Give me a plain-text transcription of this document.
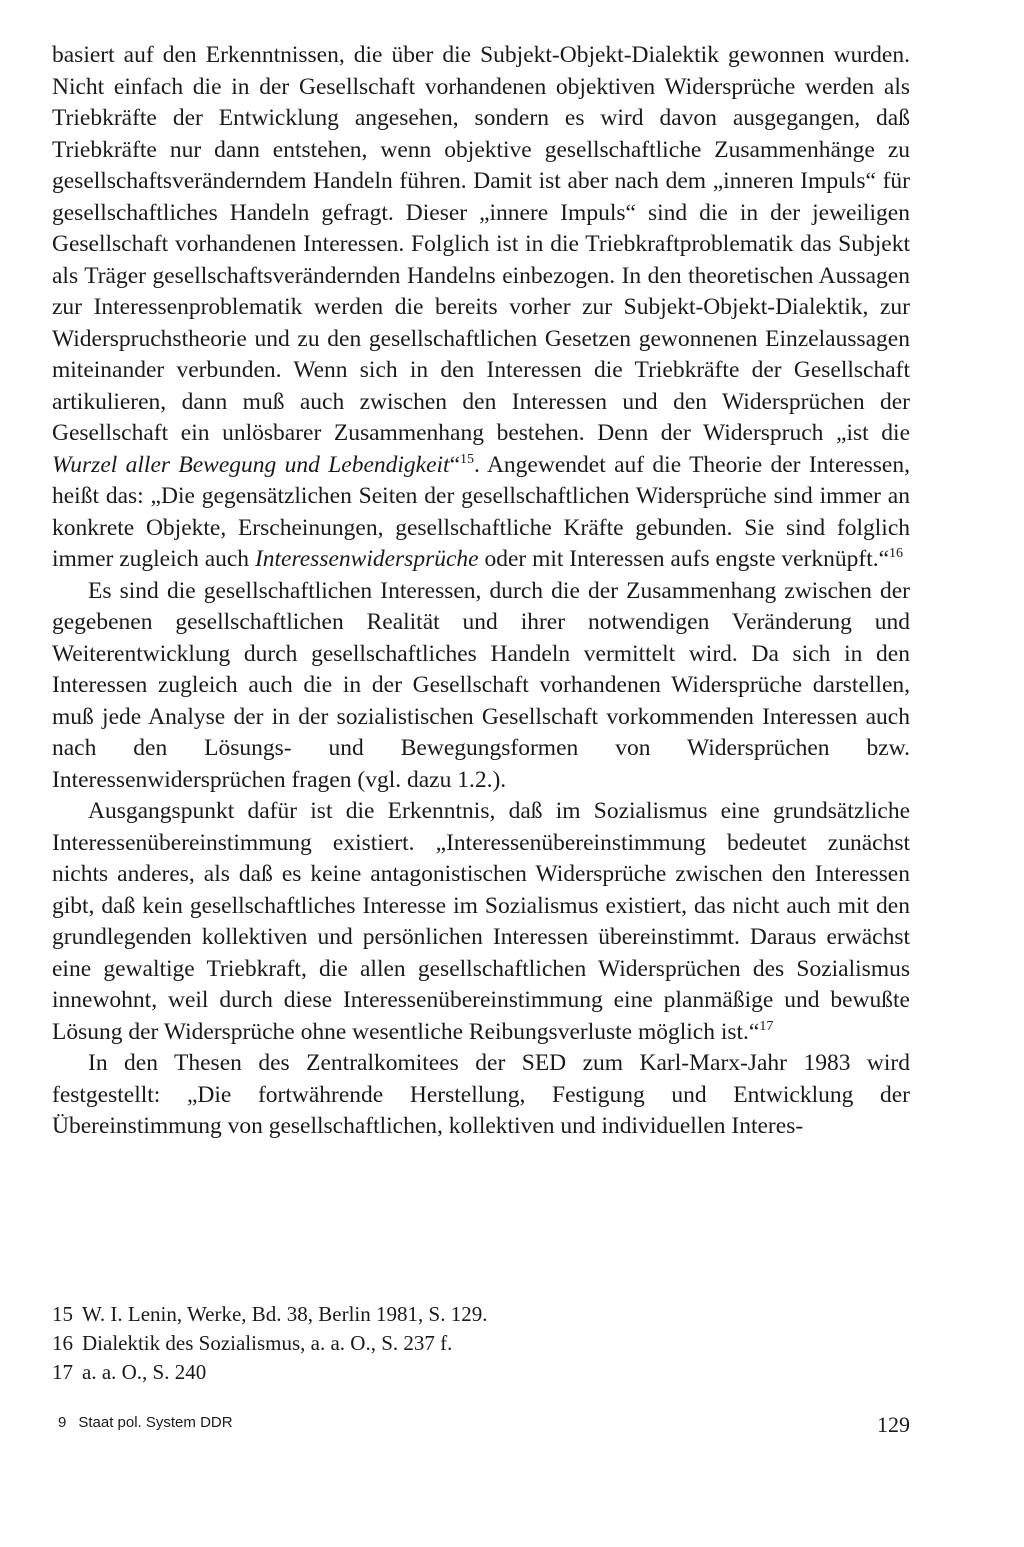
basiert auf den Erkenntnissen, die über die Subjekt-Objekt-Dialektik gewonnen wurden. Nicht einfach die in der Gesellschaft vorhandenen objektiven Widersprüche werden als Triebkräfte der Entwicklung angesehen, sondern es wird davon ausgegangen, daß Triebkräfte nur dann entstehen, wenn objektive gesellschaftliche Zusammenhänge zu gesellschaftsveränderndem Handeln führen. Damit ist aber nach dem „inneren Impuls“ für gesellschaftliches Handeln gefragt. Dieser „innere Impuls“ sind die in der jeweiligen Gesellschaft vorhandenen Interessen. Folglich ist in die Triebkraftproblematik das Subjekt als Träger gesellschaftsverändernden Handelns einbezogen. In den theoretischen Aussagen zur Interessenproblematik werden die bereits vorher zur Subjekt-Objekt-Dialektik, zur Widerspruchstheorie und zu den gesellschaftlichen Gesetzen gewonnenen Einzelaussagen miteinander verbunden. Wenn sich in den Interessen die Triebkräfte der Gesellschaft artikulieren, dann muß auch zwischen den Interessen und den Widersprüchen der Gesellschaft ein unlösbarer Zusammenhang bestehen. Denn der Widerspruch „ist die Wurzel aller Bewegung und Lebendigkeit“$^{15}$. Angewendet auf die Theorie der Interessen, heißt das: „Die gegensätzlichen Seiten der gesellschaftlichen Widersprüche sind immer an konkrete Objekte, Erscheinungen, gesellschaftliche Kräfte gebunden. Sie sind folglich immer zugleich auch Interessenwidersprüche oder mit Interessen aufs engste verknüpft.“$^{16}$

Es sind die gesellschaftlichen Interessen, durch die der Zusammenhang zwischen der gegebenen gesellschaftlichen Realität und ihrer notwendigen Veränderung und Weiterentwicklung durch gesellschaftliches Handeln vermittelt wird. Da sich in den Interessen zugleich auch die in der Gesellschaft vorhandenen Widersprüche darstellen, muß jede Analyse der in der sozialistischen Gesellschaft vorkommenden Interessen auch nach den Lösungs- und Bewegungsformen von Widersprüchen bzw. Interessenwidersprüchen fragen (vgl. dazu 1.2.).

Ausgangspunkt dafür ist die Erkenntnis, daß im Sozialismus eine grundsätzliche Interessenübereinstimmung existiert. „Interessenübereinstimmung bedeutet zunächst nichts anderes, als daß es keine antagonistischen Widersprüche zwischen den Interessen gibt, daß kein gesellschaftliches Interesse im Sozialismus existiert, das nicht auch mit den grundlegenden kollektiven und persönlichen Interessen übereinstimmt. Daraus erwächst eine gewaltige Triebkraft, die allen gesellschaftlichen Widersprüchen des Sozialismus innewohnt, weil durch diese Interessenübereinstimmung eine planmäßige und bewußte Lösung der Widersprüche ohne wesentliche Reibungsverluste möglich ist.“$^{17}$

In den Thesen des Zentralkomitees der SED zum Karl-Marx-Jahr 1983 wird festgestellt: „Die fortwährende Herstellung, Festigung und Entwicklung der Übereinstimmung von gesellschaftlichen, kollektiven und individuellen Interes-

15 W. I. Lenin, Werke, Bd. 38, Berlin 1981, S. 129.

16 Dialektik des Sozialismus, a. a. O., S. 237 f.

17 a. a. O., S. 240

9 Staat pol. System DDR	129
